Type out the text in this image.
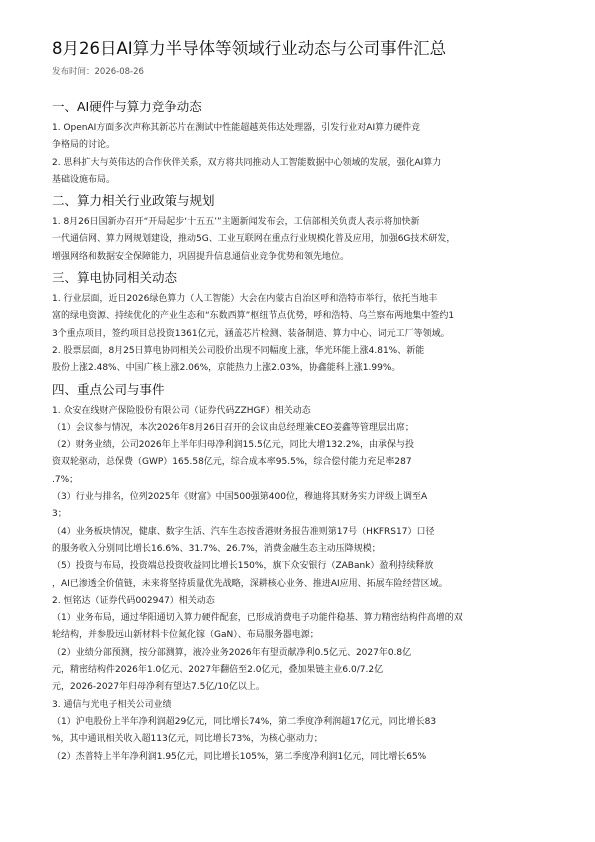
8月26日AI算力半导体等领域行业动态与公司事件汇总
发布时间：2026-08-26
一、AI硬件与算力竞争动态

1. OpenAI方面多次声称其新芯片在测试中性能超越英伟达处理器，引发行业对AI算力硬件竞

争格局的讨论。

2. 思科扩大与英伟达的合作伙伴关系，双方将共同推动人工智能数据中心领域的发展，强化AI算力

基础设施布局。

二、算力相关行业政策与规划

1. 8月26日国新办召开“开局起步‘十五五’”主题新闻发布会，工信部相关负责人表示将加快新

一代通信网、算力网规划建设，推动5G、工业互联网在重点行业规模化普及应用，加强6G技术研发，

增强网络和数据安全保障能力，巩固提升信息通信业竞争优势和领先地位。

三、算电协同相关动态

1. 行业层面，近日2026绿色算力（人工智能）大会在内蒙古自治区呼和浩特市举行，依托当地丰

富的绿电资源、持续优化的产业生态和“东数西算”枢纽节点优势，呼和浩特、乌兰察布两地集中签约1

3个重点项目，签约项目总投资1361亿元，涵盖芯片检测、装备制造、算力中心、词元工厂等领域。

2. 股票层面，8月25日算电协同相关公司股价出现不同幅度上涨，华光环能上涨4.81%、新能

股份上涨2.48%、中国广核上涨2.06%，京能热力上涨2.03%，协鑫能科上涨1.99%。

四、重点公司与事件

1. 众安在线财产保险股份有限公司（证券代码ZZHGF）相关动态

（1）会议参与情况，本次2026年8月26日召开的会议由总经理兼CEO姜鑫等管理层出席；

（2）财务业绩，公司2026年上半年归母净利润15.5亿元，同比大增132.2%，由承保与投

资双轮驱动，总保费（GWP）165.58亿元，综合成本率95.5%，综合偿付能力充足率287

.7%；

（3）行业与排名，位列2025年《财富》中国500强第400位，穆迪将其财务实力评级上调至A

3；

（4）业务板块情况，健康、数字生活、汽车生态按香港财务报告准则第17号（HKFRS17）口径

的服务收入分别同比增长16.6%、31.7%、26.7%，消费金融生态主动压降规模；

（5）投资与布局，投资端总投资收益同比增长150%，旗下众安银行（ZABank）盈利持续释放

，AI已渗透全价值链，未来将坚持质量优先战略，深耕核心业务、推进AI应用、拓展车险经营区域。

2. 恒铭达（证券代码002947）相关动态

（1）业务布局，通过华阳通切入算力硬件配套，已形成消费电子功能件稳基、算力精密结构件高增的双

轮结构，并参股远山新材料卡位氮化镓（GaN）、布局服务器电源；

（2）业绩分部预测，按分部测算，液冷业务2026年有望贡献净利0.5亿元、2027年0.8亿

元，精密结构件2026年1.0亿元、2027年翻倍至2.0亿元，叠加果链主业6.0/7.2亿

元，2026-2027年归母净利有望达7.5亿/10亿以上。

3. 通信与光电子相关公司业绩

（1）沪电股份上半年净利润超29亿元，同比增长74%，第二季度净利润超17亿元，同比增长83

%，其中通讯相关收入超113亿元，同比增长73%，为核心驱动力；

（2）杰普特上半年净利润1.95亿元，同比增长105%，第二季度净利润1亿元，同比增长65%
